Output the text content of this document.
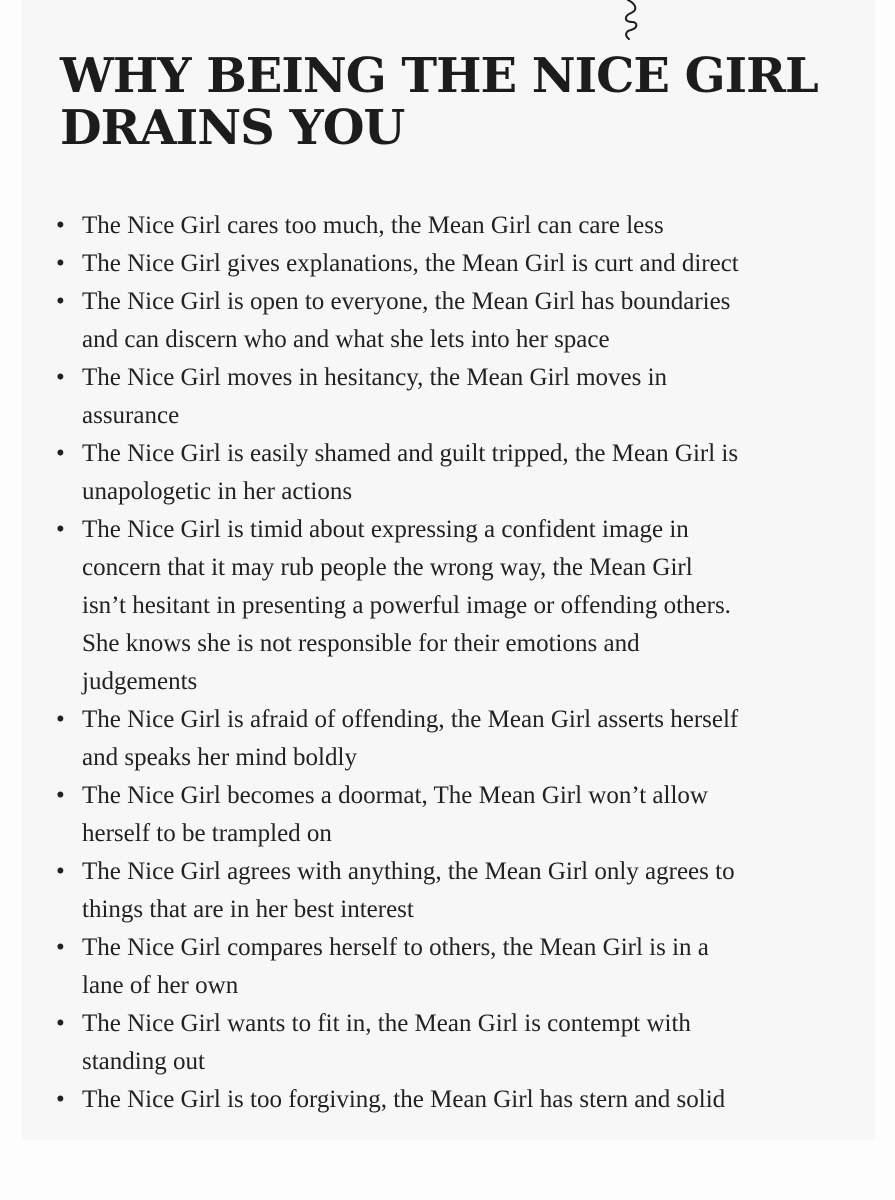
WHY BEING THE NICE GIRL
DRAINS YOU
• The Nice Girl cares too much, the Mean Girl can care less
• The Nice Girl gives explanations, the Mean Girl is curt and direct
• The Nice Girl is open to everyone, the Mean Girl has boundaries
and can discern who and what she lets into her space
• The Nice Girl moves in hesitancy, the Mean Girl moves in
assurance
• The Nice Girl is easily shamed and guilt tripped, the Mean Girl is
unapologetic in her actions
• The Nice Girl is timid about expressing a confident image in
concern that it may rub people the wrong way, the Mean Girl
isn’t hesitant in presenting a powerful image or offending others.
She knows she is not responsible for their emotions and
judgements
• The Nice Girl is afraid of offending, the Mean Girl asserts herself
and speaks her mind boldly
• The Nice Girl becomes a doormat, The Mean Girl won’t allow
herself to be trampled on
• The Nice Girl agrees with anything, the Mean Girl only agrees to
things that are in her best interest
• The Nice Girl compares herself to others, the Mean Girl is in a
lane of her own
• The Nice Girl wants to fit in, the Mean Girl is contempt with
standing out
• The Nice Girl is too forgiving, the Mean Girl has stern and solid
